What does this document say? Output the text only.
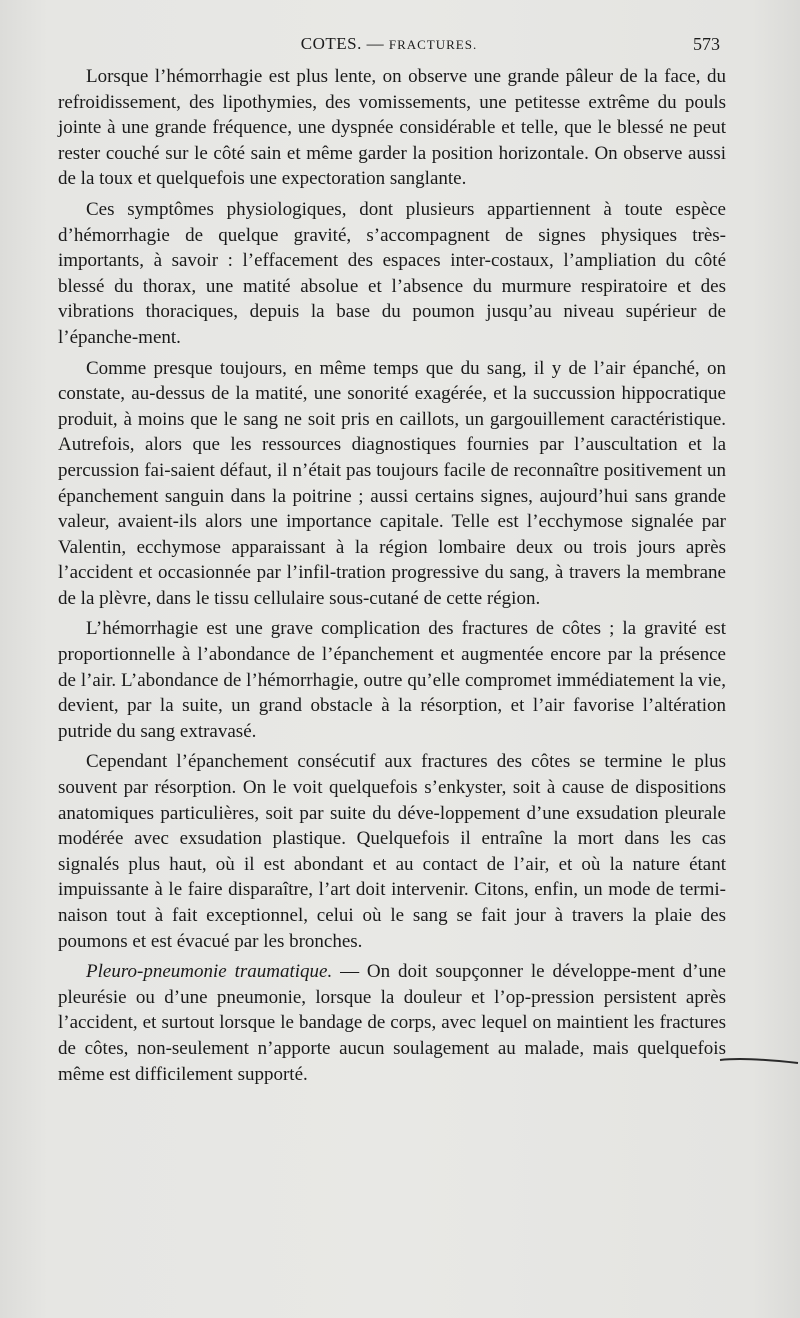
COTES. — FRACTURES.	573

Lorsque l’hémorrhagie est plus lente, on observe une grande pâleur de la face, du refroidissement, des lipothymies, des vomissements, une petitesse extrême du pouls jointe à une grande fréquence, une dyspnée considérable et telle, que le blessé ne peut rester couché sur le côté sain et même garder la position horizontale. On observe aussi de la toux et quelquefois une expectoration sanglante.

Ces symptômes physiologiques, dont plusieurs appartiennent à toute espèce d’hémorrhagie de quelque gravité, s’accompagnent de signes physiques très-importants, à savoir : l’effacement des espaces inter-costaux, l’ampliation du côté blessé du thorax, une matité absolue et l’absence du murmure respiratoire et des vibrations thoraciques, depuis la base du poumon jusqu’au niveau supérieur de l’épanche-ment.

Comme presque toujours, en même temps que du sang, il y de l’air épanché, on constate, au-dessus de la matité, une sonorité exagérée, et la succussion hippocratique produit, à moins que le sang ne soit pris en caillots, un gargouillement caractéristique. Autrefois, alors que les ressources diagnostiques fournies par l’auscultation et la percussion fai-saient défaut, il n’était pas toujours facile de reconnaître positivement un épanchement sanguin dans la poitrine ; aussi certains signes, aujourd’hui sans grande valeur, avaient-ils alors une importance capitale. Telle est l’ecchymose signalée par Valentin, ecchymose apparaissant à la région lombaire deux ou trois jours après l’accident et occasionnée par l’infil-tration progressive du sang, à travers la membrane de la plèvre, dans le tissu cellulaire sous-cutané de cette région.

L’hémorrhagie est une grave complication des fractures de côtes ; la gravité est proportionnelle à l’abondance de l’épanchement et augmentée encore par la présence de l’air. L’abondance de l’hémorrhagie, outre qu’elle compromet immédiatement la vie, devient, par la suite, un grand obstacle à la résorption, et l’air favorise l’altération putride du sang extravasé.

Cependant l’épanchement consécutif aux fractures des côtes se termine le plus souvent par résorption. On le voit quelquefois s’enkyster, soit à cause de dispositions anatomiques particulières, soit par suite du déve-loppement d’une exsudation pleurale modérée avec exsudation plastique. Quelquefois il entraîne la mort dans les cas signalés plus haut, où il est abondant et au contact de l’air, et où la nature étant impuissante à le faire disparaître, l’art doit intervenir. Citons, enfin, un mode de termi-naison tout à fait exceptionnel, celui où le sang se fait jour à travers la plaie des poumons et est évacué par les bronches.

Pleuro-pneumonie traumatique. — On doit soupçonner le développe-ment d’une pleurésie ou d’une pneumonie, lorsque la douleur et l’op-pression persistent après l’accident, et surtout lorsque le bandage de corps, avec lequel on maintient les fractures de côtes, non-seulement n’apporte aucun soulagement au malade, mais quelquefois même est difficilement supporté.
